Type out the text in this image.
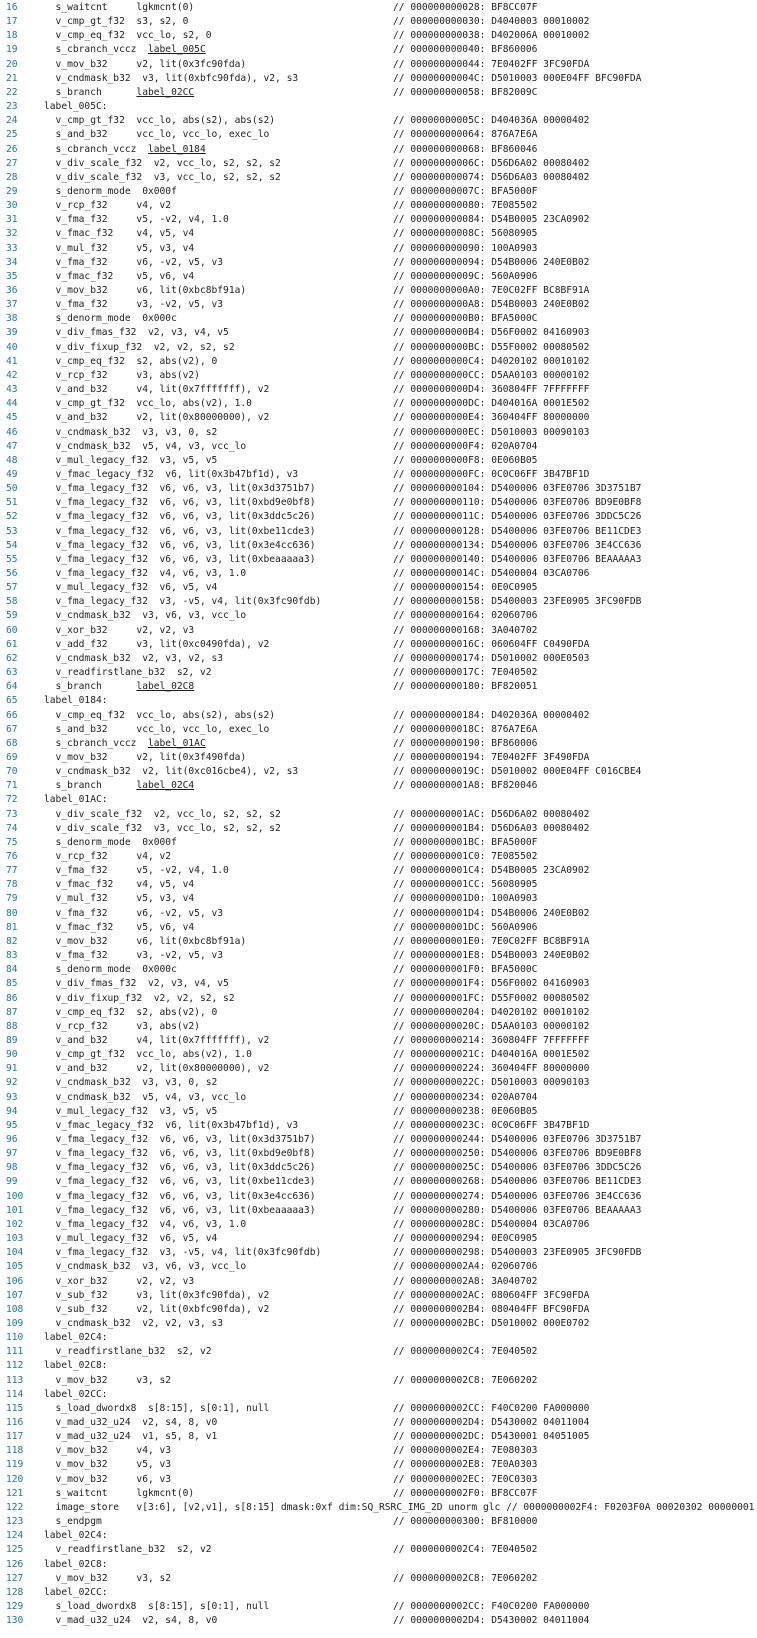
16	s_waitcnt     lgkmcnt(0)	// 000000000028: BF8CC07F
17	v_cmp_gt_f32  s3, s2, 0	// 000000000030: D4040003 00010002
18	v_cmp_eq_f32  vcc_lo, s2, 0	// 000000000038: D402006A 00010002
19	s_cbranch_vccz  label_005C	// 000000000040: BF860006
20	v_mov_b32     v2, lit(0x3fc90fda)	// 000000000044: 7E0402FF 3FC90FDA
21	v_cndmask_b32  v3, lit(0xbfc90fda), v2, s3	// 00000000004C: D5010003 000E04FF BFC90FDA
22	s_branch      label_02CC	// 000000000058: BF82009C
23	label_005C:
24	v_cmp_gt_f32  vcc_lo, abs(s2), abs(s2)	// 00000000005C: D404036A 00000402
25	s_and_b32     vcc_lo, vcc_lo, exec_lo	// 000000000064: 876A7E6A
26	s_cbranch_vccz  label_0184	// 000000000068: BF860046
27	v_div_scale_f32  v2, vcc_lo, s2, s2, s2	// 00000000006C: D56D6A02 00080402
28	v_div_scale_f32  v3, vcc_lo, s2, s2, s2	// 000000000074: D56D6A03 00080402
29	s_denorm_mode  0x000f	// 00000000007C: BFA5000F
30	v_rcp_f32     v4, v2	// 000000000080: 7E085502
31	v_fma_f32     v5, -v2, v4, 1.0	// 000000000084: D54B0005 23CA0902
32	v_fmac_f32    v4, v5, v4	// 00000000008C: 56080905
33	v_mul_f32     v5, v3, v4	// 000000000090: 100A0903
34	v_fma_f32     v6, -v2, v5, v3	// 000000000094: D54B0006 240E0B02
35	v_fmac_f32    v5, v6, v4	// 00000000009C: 560A0906
36	v_mov_b32     v6, lit(0xbc8bf91a)	// 0000000000A0: 7E0C02FF BC8BF91A
37	v_fma_f32     v3, -v2, v5, v3	// 0000000000A8: D54B0003 240E0B02
38	s_denorm_mode  0x000c	// 0000000000B0: BFA5000C
39	v_div_fmas_f32  v2, v3, v4, v5	// 0000000000B4: D56F0002 04160903
40	v_div_fixup_f32  v2, v2, s2, s2	// 0000000000BC: D55F0002 00080502
41	v_cmp_eq_f32  s2, abs(v2), 0	// 0000000000C4: D4020102 00010102
42	v_rcp_f32     v3, abs(v2)	// 0000000000CC: D5AA0103 00000102
43	v_and_b32     v4, lit(0x7fffffff), v2	// 0000000000D4: 360804FF 7FFFFFFF
44	v_cmp_gt_f32  vcc_lo, abs(v2), 1.0	// 0000000000DC: D404016A 0001E502
45	v_and_b32     v2, lit(0x80000000), v2	// 0000000000E4: 360404FF 80000000
46	v_cndmask_b32  v3, v3, 0, s2	// 0000000000EC: D5010003 00090103
47	v_cndmask_b32  v5, v4, v3, vcc_lo	// 0000000000F4: 020A0704
48	v_mul_legacy_f32  v3, v5, v5	// 0000000000F8: 0E060B05
49	v_fmac_legacy_f32  v6, lit(0x3b47bf1d), v3	// 0000000000FC: 0C0C06FF 3B47BF1D
50	v_fma_legacy_f32  v6, v6, v3, lit(0x3d3751b7)	// 000000000104: D5400006 03FE0706 3D3751B7
51	v_fma_legacy_f32  v6, v6, v3, lit(0xbd9e0bf8)	// 000000000110: D5400006 03FE0706 BD9E0BF8
52	v_fma_legacy_f32  v6, v6, v3, lit(0x3ddc5c26)	// 00000000011C: D5400006 03FE0706 3DDC5C26
53	v_fma_legacy_f32  v6, v6, v3, lit(0xbe11cde3)	// 000000000128: D5400006 03FE0706 BE11CDE3
54	v_fma_legacy_f32  v6, v6, v3, lit(0x3e4cc636)	// 000000000134: D5400006 03FE0706 3E4CC636
55	v_fma_legacy_f32  v6, v6, v3, lit(0xbeaaaaa3)	// 000000000140: D5400006 03FE0706 BEAAAAA3
56	v_fma_legacy_f32  v4, v6, v3, 1.0	// 00000000014C: D5400004 03CA0706
57	v_mul_legacy_f32  v6, v5, v4	// 000000000154: 0E0C0905
58	v_fma_legacy_f32  v3, -v5, v4, lit(0x3fc90fdb)	// 000000000158: D5400003 23FE0905 3FC90FDB
59	v_cndmask_b32  v3, v6, v3, vcc_lo	// 000000000164: 02060706
60	v_xor_b32     v2, v2, v3	// 000000000168: 3A040702
61	v_add_f32     v3, lit(0xc0490fda), v2	// 00000000016C: 060604FF C0490FDA
62	v_cndmask_b32  v2, v3, v2, s3	// 000000000174: D5010002 000E0503
63	v_readfirstlane_b32  s2, v2	// 00000000017C: 7E040502
64	s_branch      label_02C8	// 000000000180: BF820051
65	label_0184:
66	v_cmp_eq_f32  vcc_lo, abs(s2), abs(s2)	// 000000000184: D402036A 00000402
67	s_and_b32     vcc_lo, vcc_lo, exec_lo	// 00000000018C: 876A7E6A
68	s_cbranch_vccz  label_01AC	// 000000000190: BF860006
69	v_mov_b32     v2, lit(0x3f490fda)	// 000000000194: 7E0402FF 3F490FDA
70	v_cndmask_b32  v2, lit(0xc016cbe4), v2, s3	// 00000000019C: D5010002 000E04FF C016CBE4
71	s_branch      label_02C4	// 0000000001A8: BF820046
72	label_01AC:
73	v_div_scale_f32  v2, vcc_lo, s2, s2, s2	// 0000000001AC: D56D6A02 00080402
74	v_div_scale_f32  v3, vcc_lo, s2, s2, s2	// 0000000001B4: D56D6A03 00080402
75	s_denorm_mode  0x000f	// 0000000001BC: BFA5000F
76	v_rcp_f32     v4, v2	// 0000000001C0: 7E085502
77	v_fma_f32     v5, -v2, v4, 1.0	// 0000000001C4: D54B0005 23CA0902
78	v_fmac_f32    v4, v5, v4	// 0000000001CC: 56080905
79	v_mul_f32     v5, v3, v4	// 0000000001D0: 100A0903
80	v_fma_f32     v6, -v2, v5, v3	// 0000000001D4: D54B0006 240E0B02
81	v_fmac_f32    v5, v6, v4	// 0000000001DC: 560A0906
82	v_mov_b32     v6, lit(0xbc8bf91a)	// 0000000001E0: 7E0C02FF BC8BF91A
83	v_fma_f32     v3, -v2, v5, v3	// 0000000001E8: D54B0003 240E0B02
84	s_denorm_mode  0x000c	// 0000000001F0: BFA5000C
85	v_div_fmas_f32  v2, v3, v4, v5	// 0000000001F4: D56F0002 04160903
86	v_div_fixup_f32  v2, v2, s2, s2	// 0000000001FC: D55F0002 00080502
87	v_cmp_eq_f32  s2, abs(v2), 0	// 000000000204: D4020102 00010102
88	v_rcp_f32     v3, abs(v2)	// 00000000020C: D5AA0103 00000102
89	v_and_b32     v4, lit(0x7fffffff), v2	// 000000000214: 360804FF 7FFFFFFF
90	v_cmp_gt_f32  vcc_lo, abs(v2), 1.0	// 00000000021C: D404016A 0001E502
91	v_and_b32     v2, lit(0x80000000), v2	// 000000000224: 360404FF 80000000
92	v_cndmask_b32  v3, v3, 0, s2	// 00000000022C: D5010003 00090103
93	v_cndmask_b32  v5, v4, v3, vcc_lo	// 000000000234: 020A0704
94	v_mul_legacy_f32  v3, v5, v5	// 000000000238: 0E060B05
95	v_fmac_legacy_f32  v6, lit(0x3b47bf1d), v3	// 00000000023C: 0C0C06FF 3B47BF1D
96	v_fma_legacy_f32  v6, v6, v3, lit(0x3d3751b7)	// 000000000244: D5400006 03FE0706 3D3751B7
97	v_fma_legacy_f32  v6, v6, v3, lit(0xbd9e0bf8)	// 000000000250: D5400006 03FE0706 BD9E0BF8
98	v_fma_legacy_f32  v6, v6, v3, lit(0x3ddc5c26)	// 00000000025C: D5400006 03FE0706 3DDC5C26
99	v_fma_legacy_f32  v6, v6, v3, lit(0xbe11cde3)	// 000000000268: D5400006 03FE0706 BE11CDE3
100	v_fma_legacy_f32  v6, v6, v3, lit(0x3e4cc636)	// 000000000274: D5400006 03FE0706 3E4CC636
101	v_fma_legacy_f32  v6, v6, v3, lit(0xbeaaaaa3)	// 000000000280: D5400006 03FE0706 BEAAAAA3
102	v_fma_legacy_f32  v4, v6, v3, 1.0	// 00000000028C: D5400004 03CA0706
103	v_mul_legacy_f32  v6, v5, v4	// 000000000294: 0E0C0905
104	v_fma_legacy_f32  v3, -v5, v4, lit(0x3fc90fdb)	// 000000000298: D5400003 23FE0905 3FC90FDB
105	v_cndmask_b32  v3, v6, v3, vcc_lo	// 0000000002A4: 02060706
106	v_xor_b32     v2, v2, v3	// 0000000002A8: 3A040702
107	v_sub_f32     v3, lit(0x3fc90fda), v2	// 0000000002AC: 080604FF 3FC90FDA
108	v_sub_f32     v2, lit(0xbfc90fda), v2	// 0000000002B4: 080404FF BFC90FDA
109	v_cndmask_b32  v2, v2, v3, s3	// 0000000002BC: D5010002 000E0702
110	label_02C4:
111	v_readfirstlane_b32  s2, v2	// 0000000002C4: 7E040502
112	label_02C8:
113	v_mov_b32     v3, s2	// 0000000002C8: 7E060202
114	label_02CC:
115	s_load_dwordx8  s[8:15], s[0:1], null	// 0000000002CC: F40C0200 FA000000
116	v_mad_u32_u24  v2, s4, 8, v0	// 0000000002D4: D5430002 04011004
117	v_mad_u32_u24  v1, s5, 8, v1	// 0000000002DC: D5430001 04051005
118	v_mov_b32     v4, v3	// 0000000002E4: 7E080303
119	v_mov_b32     v5, v3	// 0000000002E8: 7E0A0303
120	v_mov_b32     v6, v3	// 0000000002EC: 7E0C0303
121	s_waitcnt     lgkmcnt(0)	// 0000000002F0: BF8CC07F
122	image_store   v[3:6], [v2,v1], s[8:15] dmask:0xf dim:SQ_RSRC_IMG_2D unorm glc // 0000000002F4: F0203F0A 00020302 00000001
123	s_endpgm	// 000000000300: BF810000
124	label_02C4:
125	v_readfirstlane_b32  s2, v2	// 0000000002C4: 7E040502
126	label_02C8:
127	v_mov_b32     v3, s2	// 0000000002C8: 7E060202
128	label_02CC:
129	s_load_dwordx8  s[8:15], s[0:1], null	// 0000000002CC: F40C0200 FA000000
130	v_mad_u32_u24  v2, s4, 8, v0	// 0000000002D4: D5430002 04011004
